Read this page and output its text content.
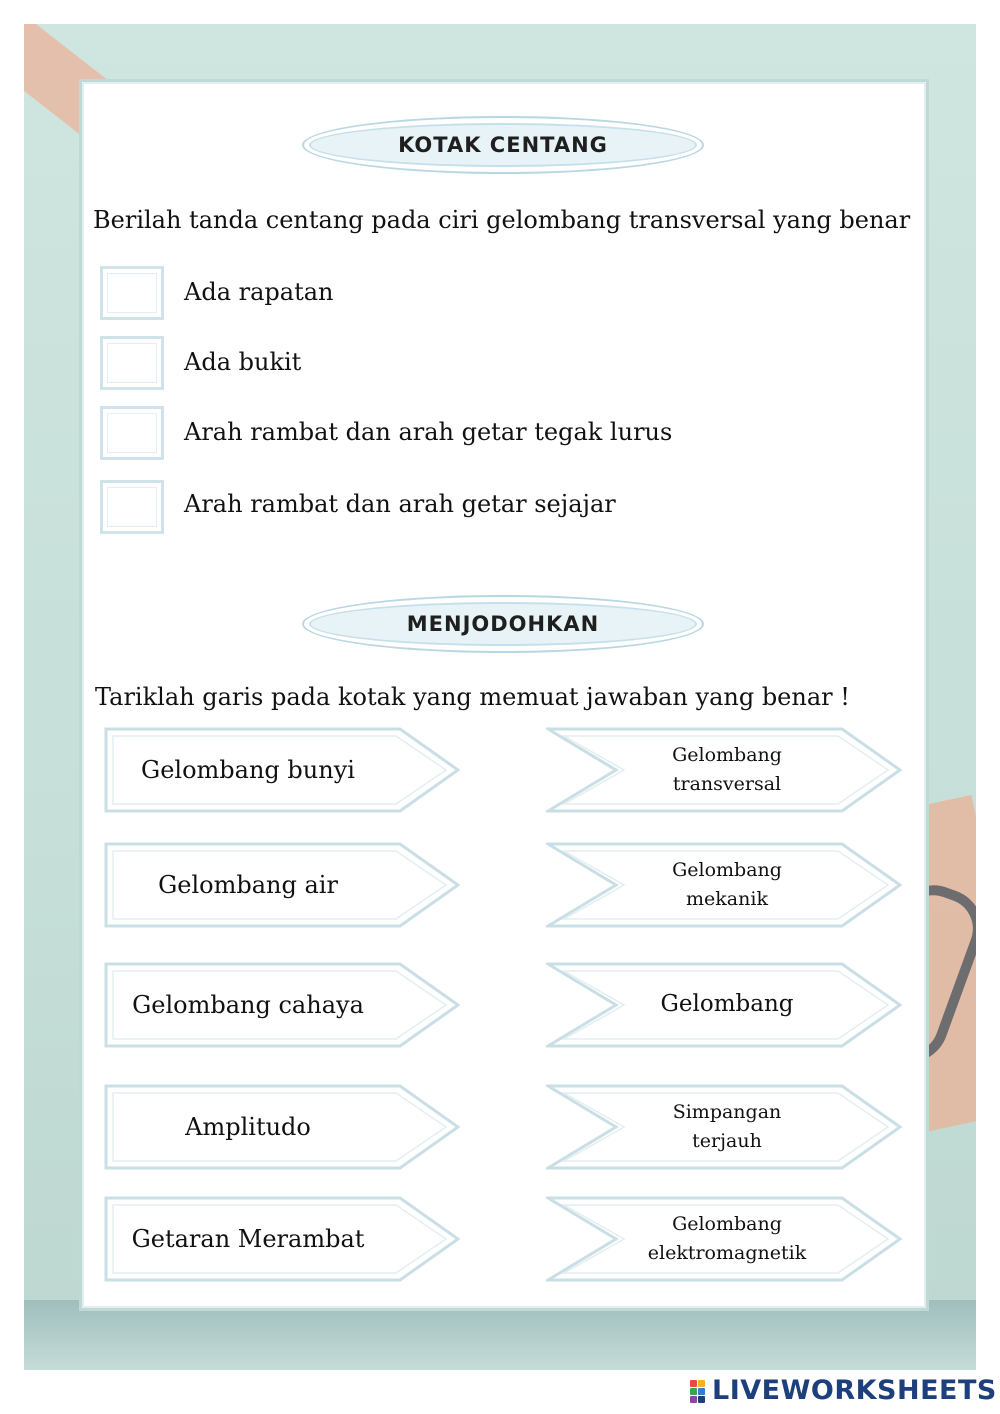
KOTAK CENTANG
Berilah tanda centang pada ciri gelombang transversal yang benar
Ada rapatan
Ada bukit
Arah rambat dan arah getar tegak lurus
Arah rambat dan arah getar sejajar
MENJODOHKAN
Tariklah garis pada kotak yang memuat jawaban yang benar !
Gelombang bunyi
Gelombang air
Gelombang cahaya
Amplitudo
Getaran Merambat
Gelombang
transversal
Gelombang
mekanik
Gelombang
Simpangan
terjauh
Gelombang
elektromagnetik
LIVEWORKSHEETS
